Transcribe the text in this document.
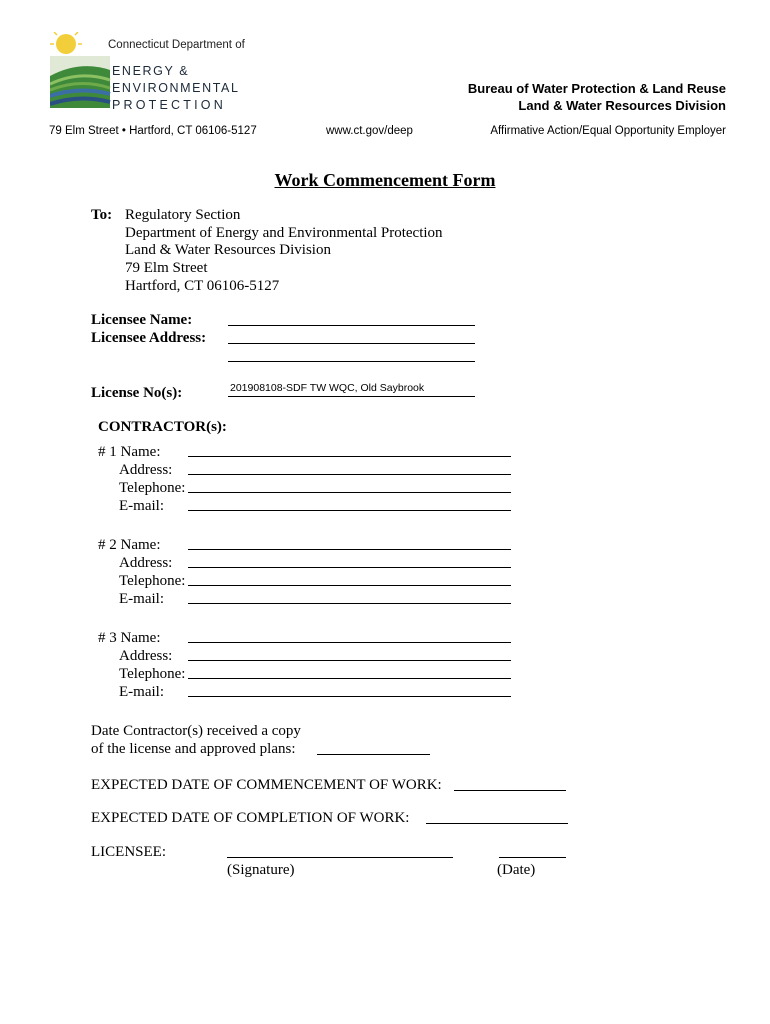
Connecticut Department of
ENERGY &
ENVIRONMENTAL
PROTECTION
Bureau of Water Protection & Land Reuse
Land & Water Resources Division
79 Elm Street • Hartford, CT 06106-5127	www.ct.gov/deep	Affirmative Action/Equal Opportunity Employer
Work Commencement Form
To: Regulatory Section
Department of Energy and Environmental Protection
Land & Water Resources Division
79 Elm Street
Hartford, CT 06106-5127
Licensee Name:
Licensee Address:
License No(s):	201908108-SDF TW WQC, Old Saybrook
CONTRACTOR(s):
# 1 Name:
Address:
Telephone:
E-mail:
# 2 Name:
Address:
Telephone:
E-mail:
# 3 Name:
Address:
Telephone:
E-mail:
Date Contractor(s) received a copy
of the license and approved plans:
EXPECTED DATE OF COMMENCEMENT OF WORK:
EXPECTED DATE OF COMPLETION OF WORK:
LICENSEE:
(Signature)	(Date)
